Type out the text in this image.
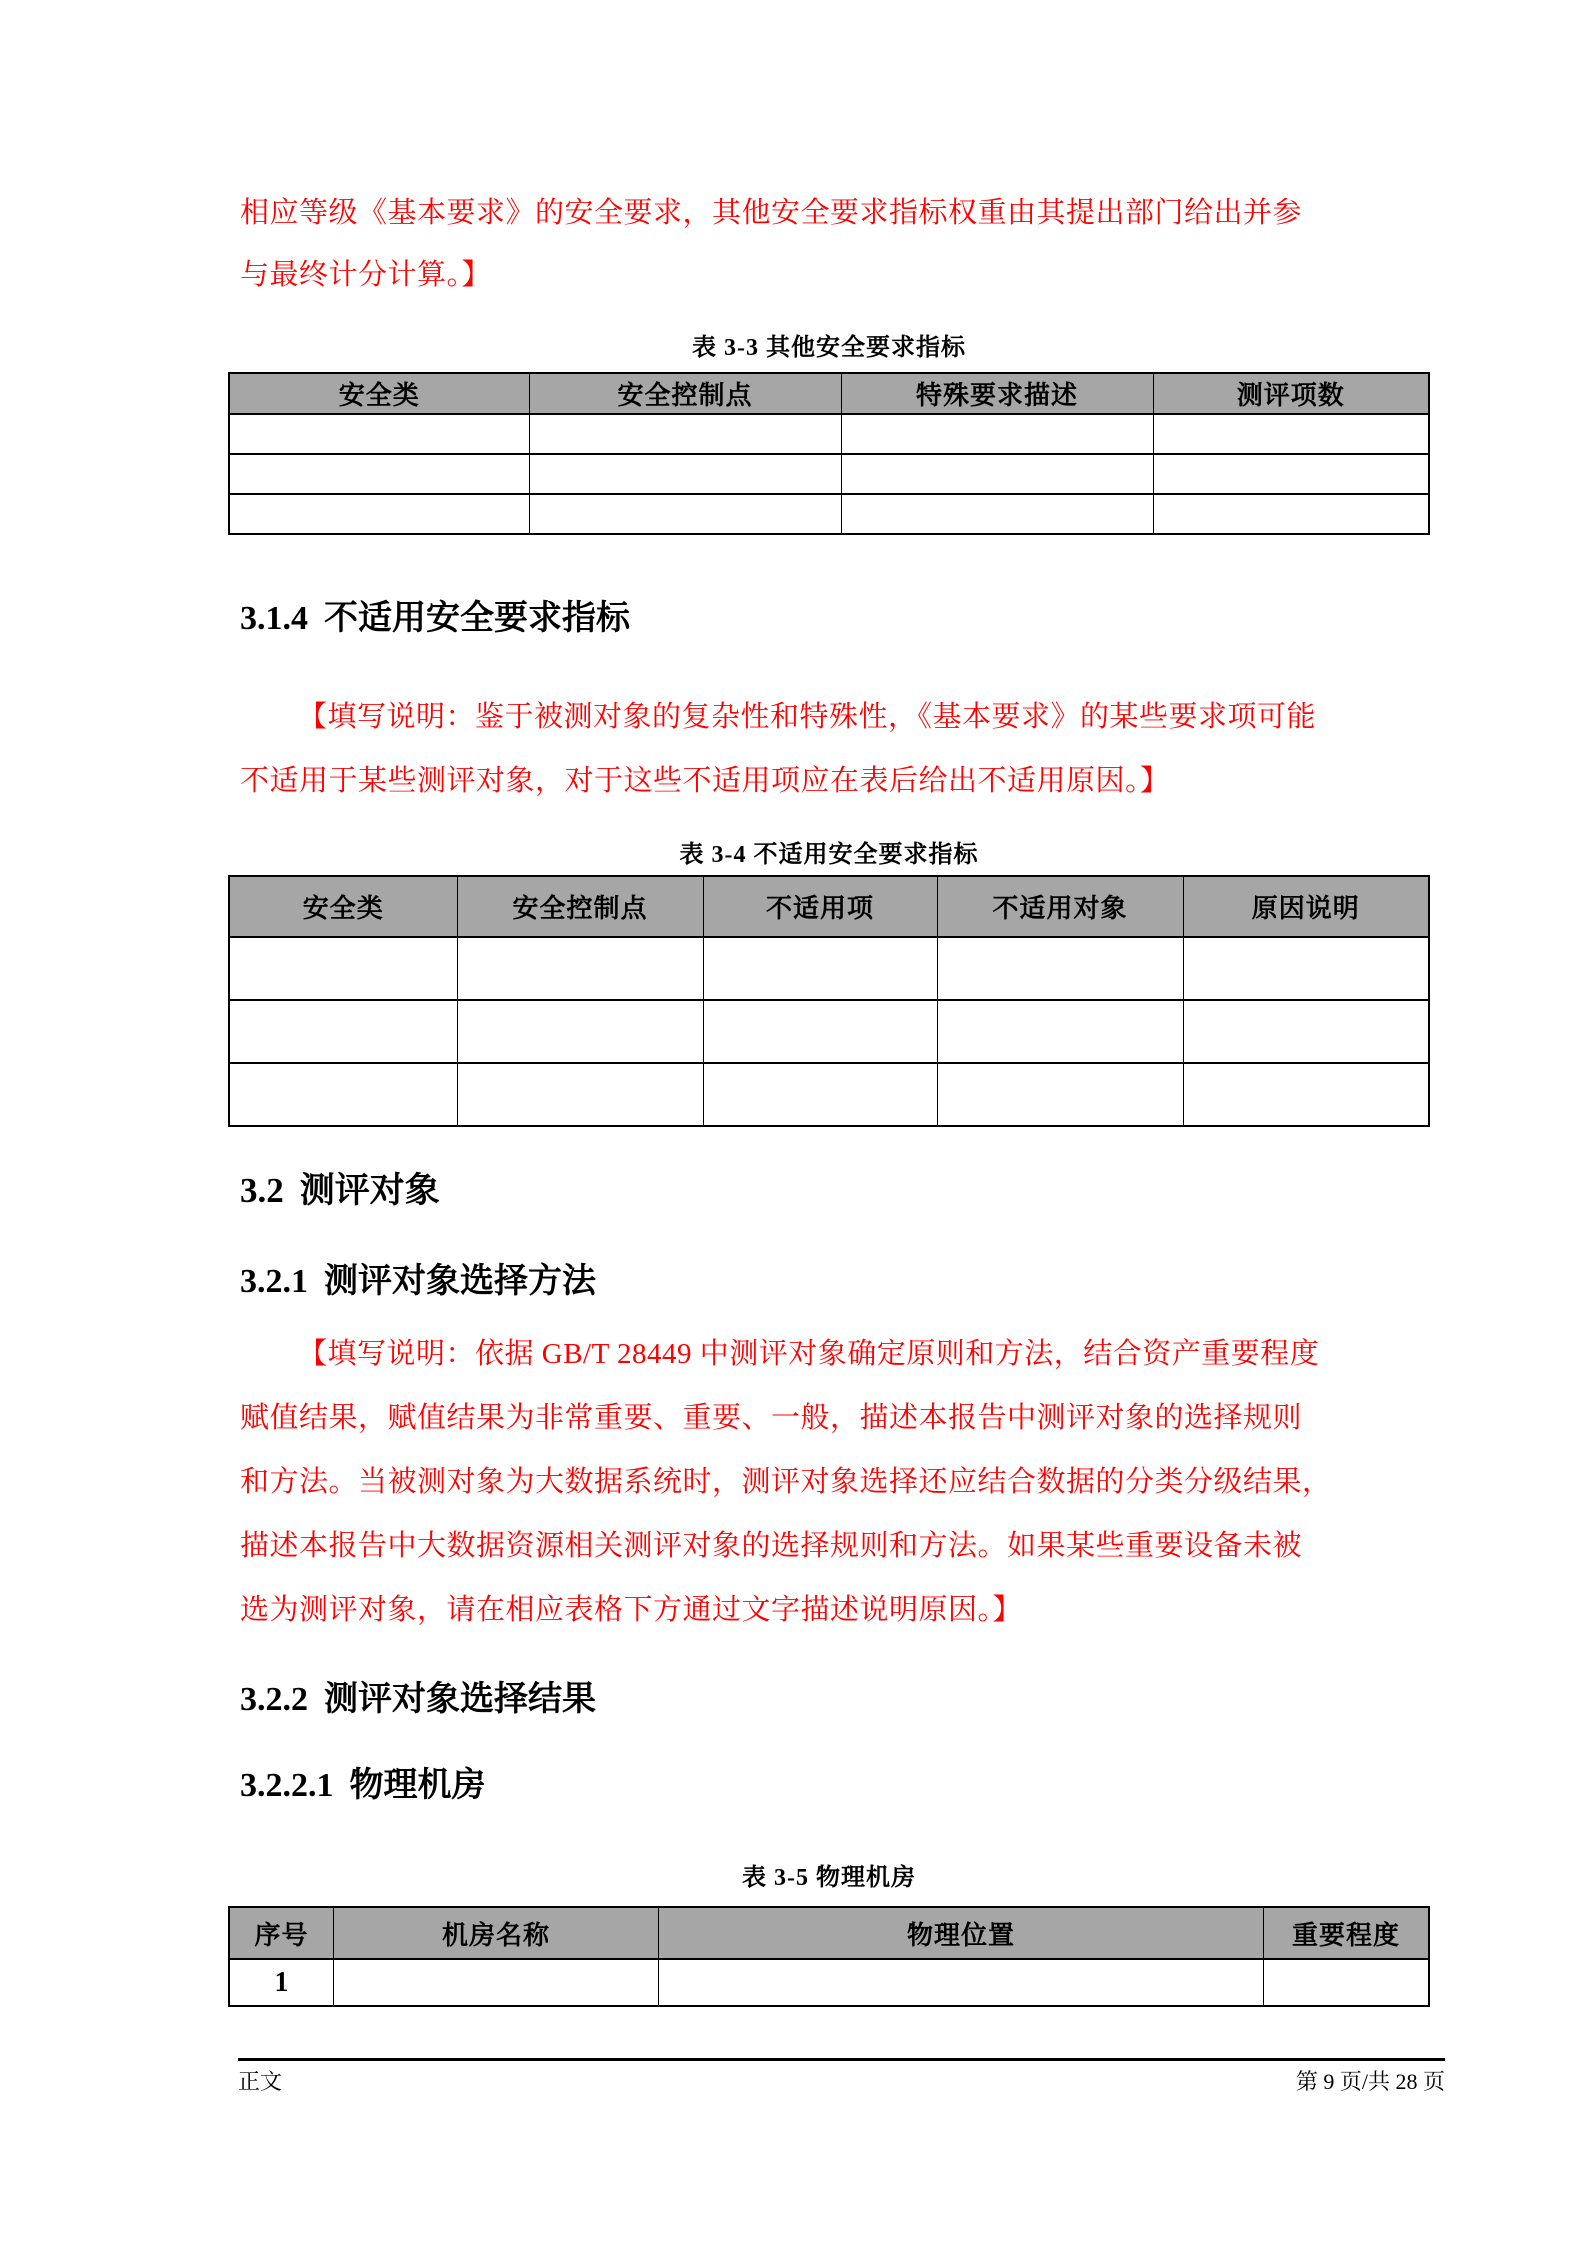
相应等级《基本要求》的安全要求，其他安全要求指标权重由其提出部门给出并参
与最终计分计算。】
表 3-3 其他安全要求指标
安全类	安全控制点	特殊要求描述	测评项数

3.1.4 不适用安全要求指标
【填写说明：鉴于被测对象的复杂性和特殊性，《基本要求》的某些要求项可能
不适用于某些测评对象，对于这些不适用项应在表后给出不适用原因。】
表 3-4 不适用安全要求指标
安全类	安全控制点	不适用项	不适用对象	原因说明

3.2 测评对象
3.2.1 测评对象选择方法
【填写说明：依据 GB/T 28449 中测评对象确定原则和方法，结合资产重要程度
赋值结果，赋值结果为非常重要、重要、一般，描述本报告中测评对象的选择规则
和方法。当被测对象为大数据系统时，测评对象选择还应结合数据的分类分级结果，
描述本报告中大数据资源相关测评对象的选择规则和方法。如果某些重要设备未被
选为测评对象，请在相应表格下方通过文字描述说明原因。】
3.2.2 测评对象选择结果
3.2.2.1 物理机房
表 3-5 物理机房
序号	机房名称	物理位置	重要程度
1			
正文	第 9 页/共 28 页
